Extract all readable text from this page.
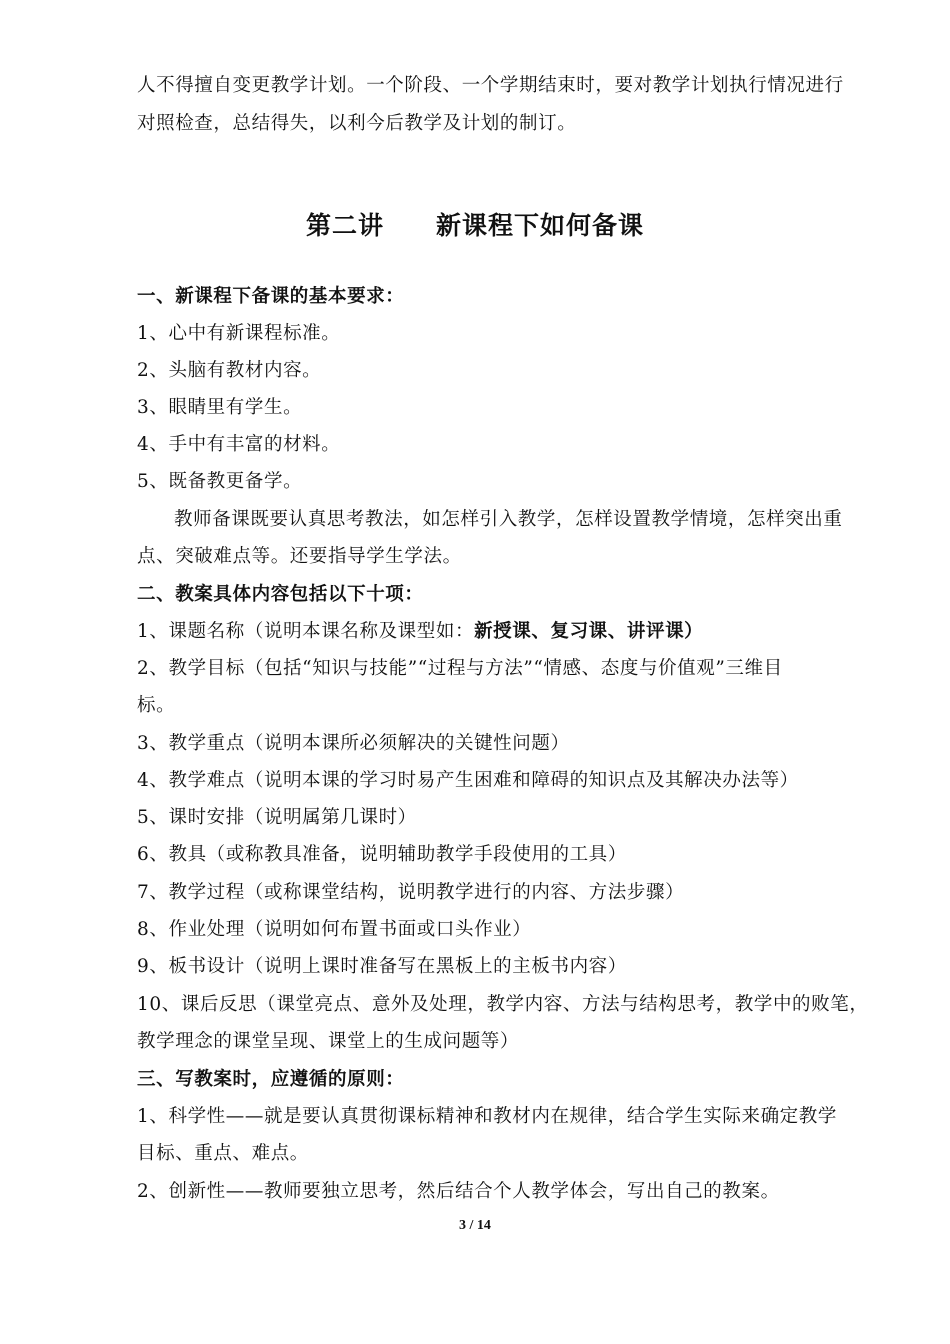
人不得擅自变更教学计划。一个阶段、一个学期结束时，要对教学计划执行情况进行
对照检查，总结得失，以利今后教学及计划的制订。
第二讲　　新课程下如何备课
一、新课程下备课的基本要求：
1、心中有新课程标准。
2、头脑有教材内容。
3、眼睛里有学生。
4、手中有丰富的材料。
5、既备教更备学。
教师备课既要认真思考教法，如怎样引入教学，怎样设置教学情境，怎样突出重
点、突破难点等。还要指导学生学法。
二、教案具体内容包括以下十项：
1、课题名称（说明本课名称及课型如：新授课、复习课、讲评课）
2、教学目标（包括“知识与技能”“过程与方法”“情感、态度与价值观”三维目
标。
3、教学重点（说明本课所必须解决的关键性问题）
4、教学难点（说明本课的学习时易产生困难和障碍的知识点及其解决办法等）
5、课时安排（说明属第几课时）
6、教具（或称教具准备，说明辅助教学手段使用的工具）
7、教学过程（或称课堂结构，说明教学进行的内容、方法步骤）
8、作业处理（说明如何布置书面或口头作业）
9、板书设计（说明上课时准备写在黑板上的主板书内容）
10、课后反思（课堂亮点、意外及处理，教学内容、方法与结构思考，教学中的败笔，
教学理念的课堂呈现、课堂上的生成问题等）
三、写教案时，应遵循的原则：
1、科学性——就是要认真贯彻课标精神和教材内在规律，结合学生实际来确定教学
目标、重点、难点。
2、创新性——教师要独立思考，然后结合个人教学体会，写出自己的教案。
3 / 14
